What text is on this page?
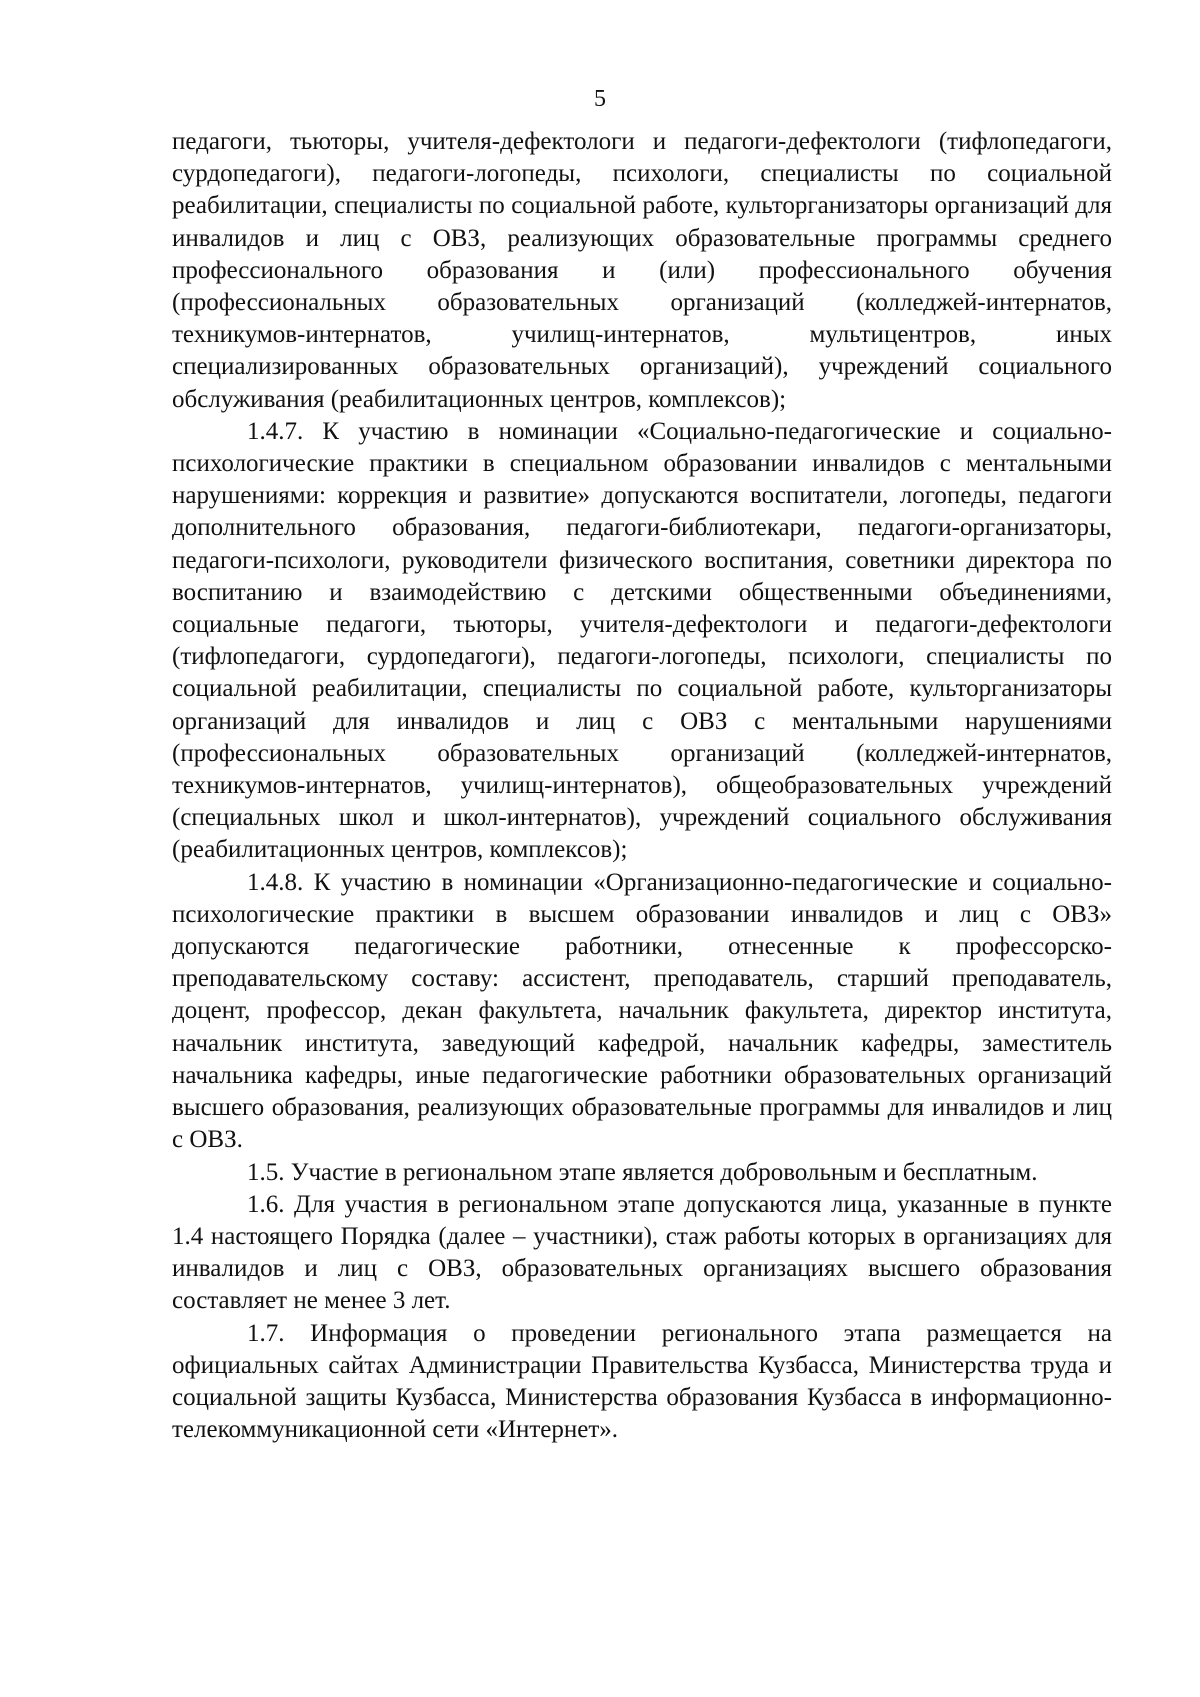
5

педагоги, тьюторы, учителя-дефектологи и педагоги-дефектологи (тифлопедагоги, сурдопедагоги), педагоги-логопеды, психологи, специалисты по социальной реабилитации, специалисты по социальной работе, культорганизаторы организаций для инвалидов и лиц с ОВЗ, реализующих образовательные программы среднего профессионального образования и (или) профессионального обучения (профессиональных образовательных организаций (колледжей-интернатов, техникумов-интернатов, училищ-интернатов, мультицентров, иных специализированных образовательных организаций), учреждений социального обслуживания (реабилитационных центров, комплексов);

1.4.7. К участию в номинации «Социально-педагогические и социально-психологические практики в специальном образовании инвалидов с ментальными нарушениями: коррекция и развитие» допускаются воспитатели, логопеды, педагоги дополнительного образования, педагоги-библиотекари, педагоги-организаторы, педагоги-психологи, руководители физического воспитания, советники директора по воспитанию и взаимодействию с детскими общественными объединениями, социальные педагоги, тьюторы, учителя-дефектологи и педагоги-дефектологи (тифлопедагоги, сурдопедагоги), педагоги-логопеды, психологи, специалисты по социальной реабилитации, специалисты по социальной работе, культорганизаторы организаций для инвалидов и лиц с ОВЗ с ментальными нарушениями (профессиональных образовательных организаций (колледжей-интернатов, техникумов-интернатов, училищ-интернатов), общеобразовательных учреждений (специальных школ и школ-интернатов), учреждений социального обслуживания (реабилитационных центров, комплексов);

1.4.8. К участию в номинации «Организационно-педагогические и социально-психологические практики в высшем образовании инвалидов и лиц с ОВЗ» допускаются педагогические работники, отнесенные к профессорско-преподавательскому составу: ассистент, преподаватель, старший преподаватель, доцент, профессор, декан факультета, начальник факультета, директор института, начальник института, заведующий кафедрой, начальник кафедры, заместитель начальника кафедры, иные педагогические работники образовательных организаций высшего образования, реализующих образовательные программы для инвалидов и лиц с ОВЗ.

1.5. Участие в региональном этапе является добровольным и бесплатным.

1.6. Для участия в региональном этапе допускаются лица, указанные в пункте 1.4 настоящего Порядка (далее – участники), стаж работы которых в организациях для инвалидов и лиц с ОВЗ, образовательных организациях высшего образования составляет не менее 3 лет.

1.7. Информация о проведении регионального этапа размещается на официальных сайтах Администрации Правительства Кузбасса, Министерства труда и социальной защиты Кузбасса, Министерства образования Кузбасса в информационно-телекоммуникационной сети «Интернет».
